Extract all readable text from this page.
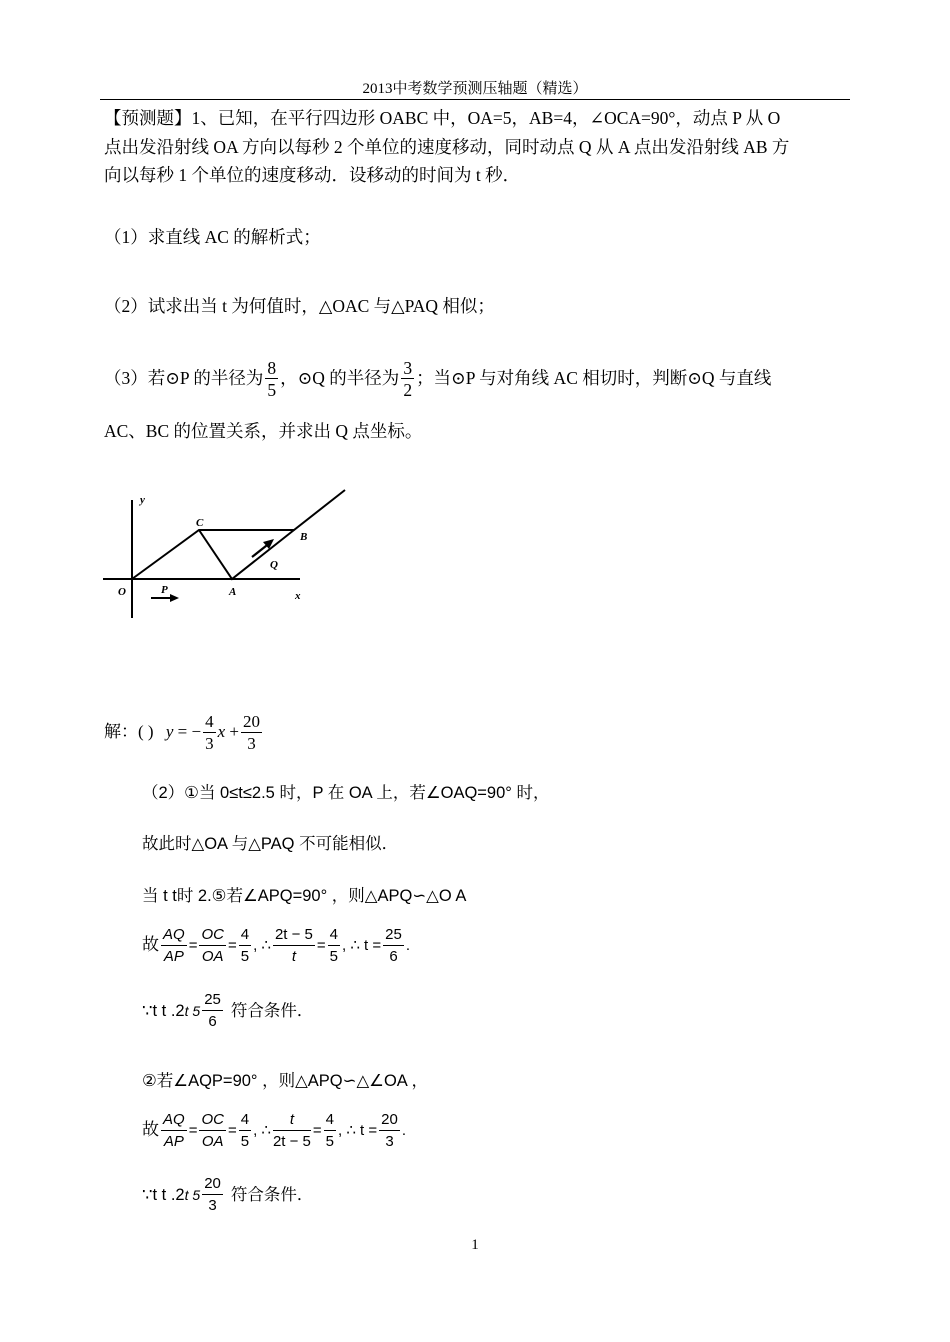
2013中考数学预测压轴题（精选）
【预测题】1、已知，在平行四边形 OABC 中，OA=5，AB=4，∠OCA=90°，动点 P 从 O
点出发沿射线 OA 方向以每秒 2 个单位的速度移动，同时动点 Q 从 A 点出发沿射线 AB 方
向以每秒 1 个单位的速度移动．设移动的时间为 t 秒．
（1）求直线 AC 的解析式；
（2）试求出当 t 为何值时，△OAC 与△PAQ 相似；
（3）若⊙P 的半径为 $\frac{8}{5}$ ，⊙Q 的半径为 $\frac{3}{2}$ ；当⊙P 与对角线 AC 相切时，判断⊙Q 与直线
AC、BC 的位置关系，并求出 Q 点坐标。
y
x
O
C
A
B
P
Q
解：( ) y = − $\frac{4}{3}$ $x + \frac{20}{3}$
（2）①当 0≤t≤2.5 时，P 在 OA 上，若∠OAQ=90° 时，
故此时△OA 与△PAQ 不可能相似．
当 t t时 2.⑤若∠APQ=90° ，则△APQ∽△O A
故 $\frac{AQ}{AP} = \frac{OC}{OA} = \frac{4}{5}$ , ∴ $\frac{2t - 5}{t} = \frac{4}{5}$ , ∴ $t = \frac{25}{6}$ .
∵t t .2t $5 \frac{25}{6}$ 符合条件．
②若∠AQP=90° ，则△APQ∽△∠OA ，
故 $\frac{AQ}{AP} = \frac{OC}{OA} = \frac{4}{5}$ , ∴ $\frac{t}{2t - 5} = \frac{4}{5}$ , ∴ $t = \frac{20}{3}$ .
∵t t .2t $5 \frac{20}{3}$ 符合条件．
1
